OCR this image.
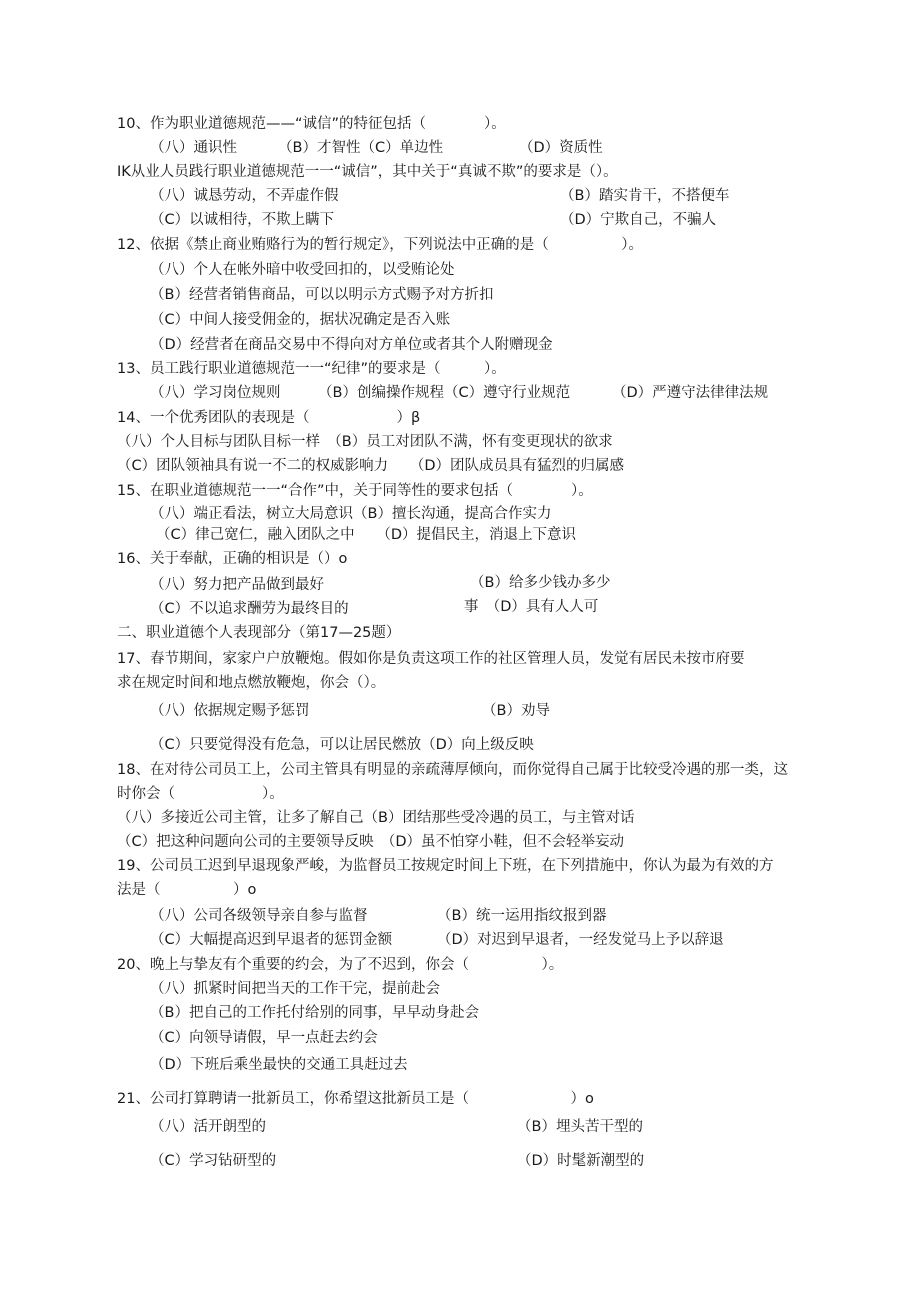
10、作为职业道德规范——“诚信”的特征包括（　　　　）。
（八）通识性	（B）才智性（C）单边性	（D）资质性
IK从业人员践行职业道德规范一一“诚信”，其中关于“真诚不欺”的要求是（）。
（八）诚恳劳动，不弄虚作假	（B）踏实肯干，不搭便车
（C）以诚相待，不欺上瞒下	（D）宁欺自己，不骗人
12、依据《禁止商业贿赂行为的暂行规定》，下列说法中正确的是（　　　　　）。
（八）个人在帐外暗中收受回扣的，以受贿论处
（B）经营者销售商品，可以以明示方式赐予对方折扣
（C）中间人接受佣金的，据状况确定是否入账
（D）经营者在商品交易中不得向对方单位或者其个人附赠现金
13、员工践行职业道德规范一一“纪律”的要求是（　　　）。
（八）学习岗位规则	（B）创编操作规程（C）遵守行业规范	（D）严遵守法律律法规
14、一个优秀团队的表现是（　　　　　　）β
（八）个人目标与团队目标一样　（B）员工对团队不满，怀有变更现状的欲求
（C）团队领袖具有说一不二的权威影响力　　（D）团队成员具有猛烈的归属感
15、在职业道德规范一一“合作”中，关于同等性的要求包括（　　　　）。
（八）端正看法，树立大局意识（B）擅长沟通，提高合作实力
（C）律己宽仁，融入团队之中　　（D）提倡民主，消退上下意识
16、关于奉献，正确的相识是（）o
（八）努力把产品做到最好	（B）给多少钱办多少
（C）不以追求酬劳为最终目的	事　（D）具有人人可
二、职业道德个人表现部分（第17—25题）
17、春节期间，家家户户放鞭炮。假如你是负责这项工作的社区管理人员，发觉有居民未按市府要
求在规定时间和地点燃放鞭炮，你会（）。
（八）依据规定赐予惩罚	（B）劝导
（C）只要觉得没有危急，可以让居民燃放（D）向上级反映
18、在对待公司员工上，公司主管具有明显的亲疏薄厚倾向，而你觉得自己属于比较受冷遇的那一类，这
时你会（　　　　　　）。
（八）多接近公司主管，让多了解自己（B）团结那些受冷遇的员工，与主管对话
（C）把这种问题向公司的主要领导反映　（D）虽不怕穿小鞋，但不会轻举妄动
19、公司员工迟到早退现象严峻，为监督员工按规定时间上下班，在下列措施中，你认为最为有效的方
法是（　　　　　）o
（八）公司各级领导亲自参与监督	（B）统一运用指纹报到器
（C）大幅提高迟到早退者的惩罚金额	（D）对迟到早退者，一经发觉马上予以辞退
20、晚上与挚友有个重要的约会，为了不迟到，你会（　　　　　）。
（八）抓紧时间把当天的工作干完，提前赴会
（B）把自己的工作托付给别的同事，早早动身赴会
（C）向领导请假，早一点赶去约会
（D）下班后乘坐最快的交通工具赶过去
21、公司打算聘请一批新员工，你希望这批新员工是（　　　　　　　）o
（八）活开朗型的	（B）埋头苦干型的
（C）学习钻研型的	（D）时髦新潮型的
